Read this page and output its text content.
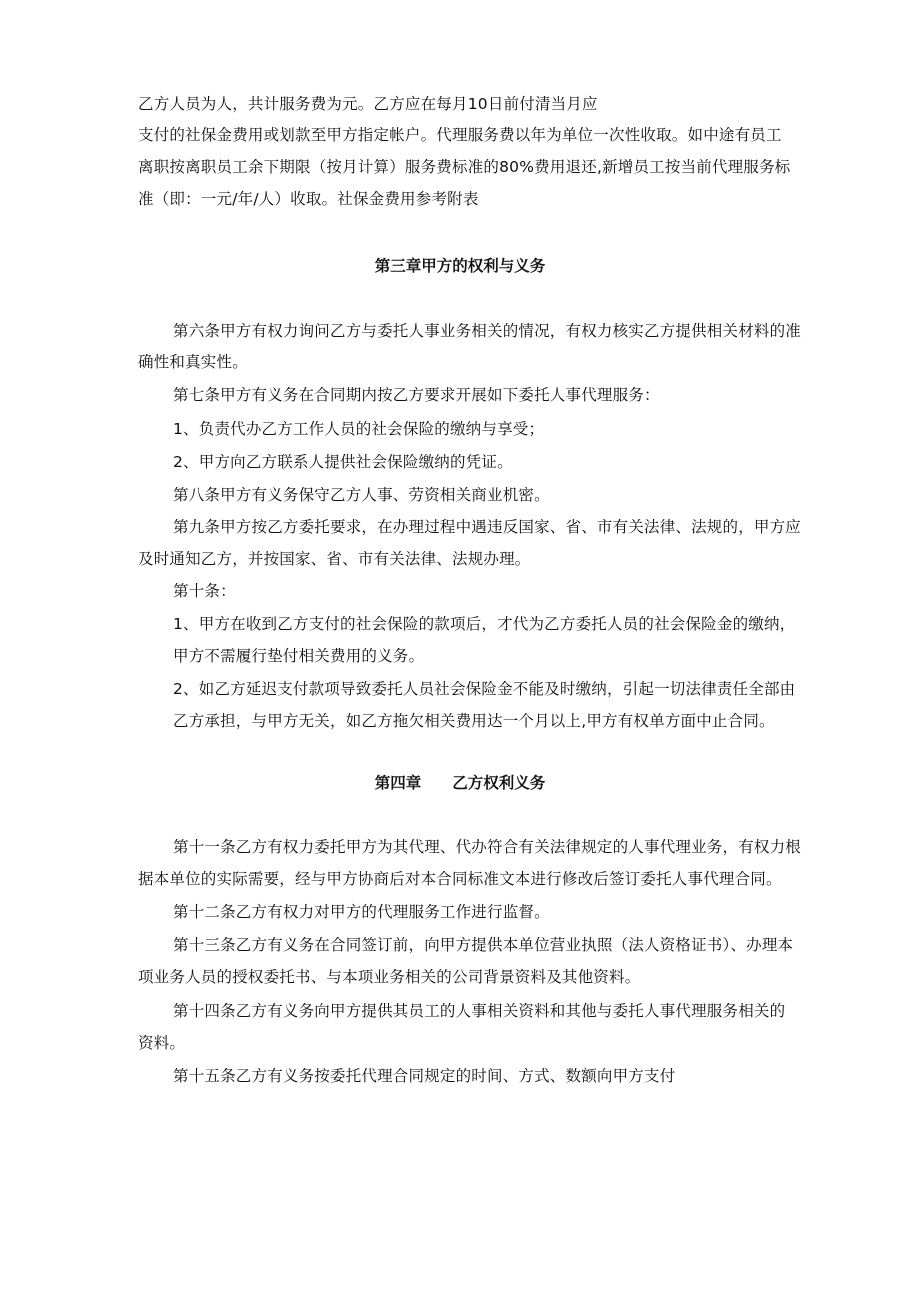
乙方人员为人，共计服务费为元。乙方应在每月10日前付清当月应
支付的社保金费用或划款至甲方指定帐户。代理服务费以年为单位一次性收取。如中途有员工
离职按离职员工余下期限（按月计算）服务费标准的80%费用退还,新增员工按当前代理服务标
准（即：一元/年/人）收取。社保金费用参考附表
第三章甲方的权利与义务
第六条甲方有权力询问乙方与委托人事业务相关的情况，有权力核实乙方提供相关材料的准
确性和真实性。
第七条甲方有义务在合同期内按乙方要求开展如下委托人事代理服务：
1、负责代办乙方工作人员的社会保险的缴纳与享受；
2、甲方向乙方联系人提供社会保险缴纳的凭证。
第八条甲方有义务保守乙方人事、劳资相关商业机密。
第九条甲方按乙方委托要求，在办理过程中遇违反国家、省、市有关法律、法规的，甲方应
及时通知乙方，并按国家、省、市有关法律、法规办理。
第十条：
1、甲方在收到乙方支付的社会保险的款项后，才代为乙方委托人员的社会保险金的缴纳，
甲方不需履行垫付相关费用的义务。
2、如乙方延迟支付款项导致委托人员社会保险金不能及时缴纳，引起一切法律责任全部由
乙方承担，与甲方无关，如乙方拖欠相关费用达一个月以上,甲方有权单方面中止合同。
第四章　　乙方权利义务
第十一条乙方有权力委托甲方为其代理、代办符合有关法律规定的人事代理业务，有权力根
据本单位的实际需要，经与甲方协商后对本合同标准文本进行修改后签订委托人事代理合同。
第十二条乙方有权力对甲方的代理服务工作进行监督。
第十三条乙方有义务在合同签订前，向甲方提供本单位营业执照（法人资格证书）、办理本
项业务人员的授权委托书、与本项业务相关的公司背景资料及其他资料。
第十四条乙方有义务向甲方提供其员工的人事相关资料和其他与委托人事代理服务相关的
资料。
第十五条乙方有义务按委托代理合同规定的时间、方式、数额向甲方支付
